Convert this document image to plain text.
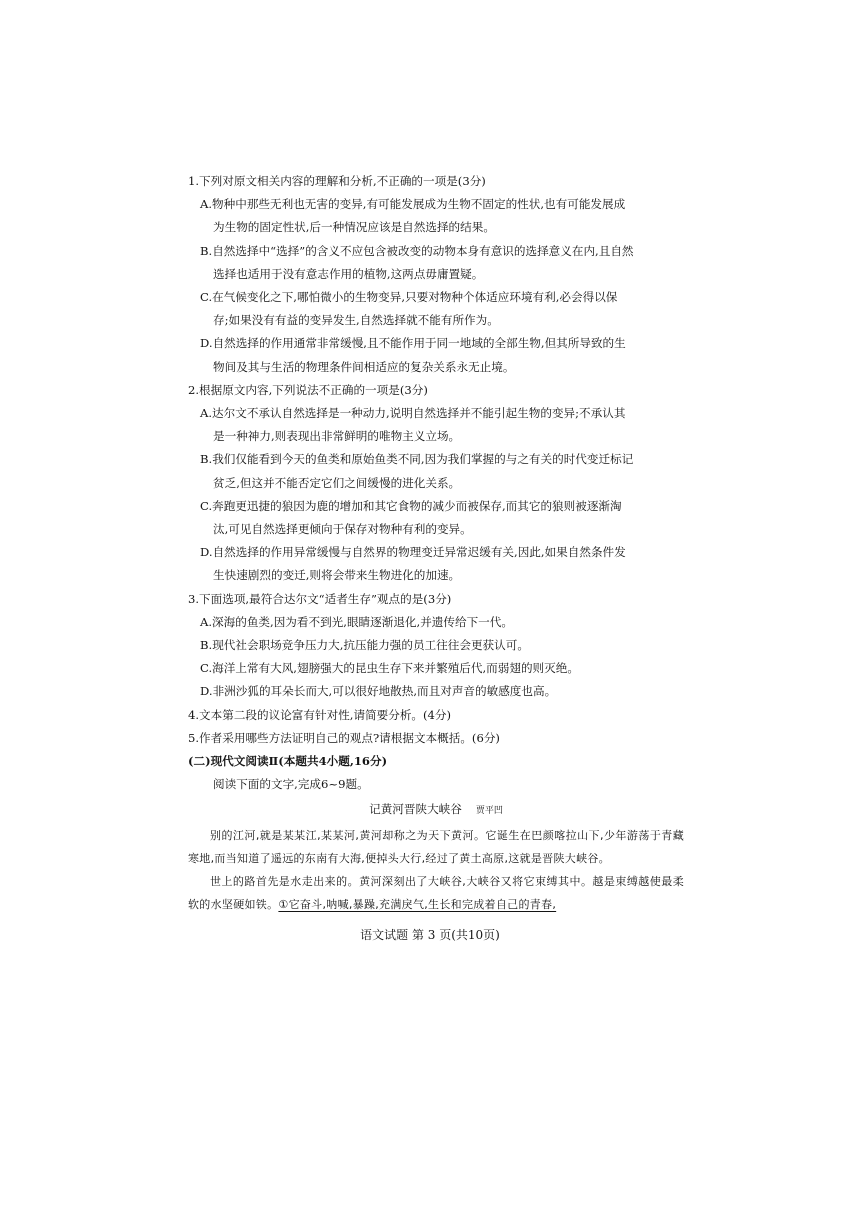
1.下列对原文相关内容的理解和分析,不正确的一项是(3分)
A.物种中那些无利也无害的变异,有可能发展成为生物不固定的性状,也有可能发展成
为生物的固定性状,后一种情况应该是自然选择的结果。
B.自然选择中“选择”的含义不应包含被改变的动物本身有意识的选择意义在内,且自然
选择也适用于没有意志作用的植物,这两点毋庸置疑。
C.在气候变化之下,哪怕微小的生物变异,只要对物种个体适应环境有利,必会得以保
存;如果没有有益的变异发生,自然选择就不能有所作为。
D.自然选择的作用通常非常缓慢,且不能作用于同一地域的全部生物,但其所导致的生
物间及其与生活的物理条件间相适应的复杂关系永无止境。
2.根据原文内容,下列说法不正确的一项是(3分)
A.达尔文不承认自然选择是一种动力,说明自然选择并不能引起生物的变异;不承认其
是一种神力,则表现出非常鲜明的唯物主义立场。
B.我们仅能看到今天的鱼类和原始鱼类不同,因为我们掌握的与之有关的时代变迁标记
贫乏,但这并不能否定它们之间缓慢的进化关系。
C.奔跑更迅捷的狼因为鹿的增加和其它食物的减少而被保存,而其它的狼则被逐渐淘
汰,可见自然选择更倾向于保存对物种有利的变异。
D.自然选择的作用异常缓慢与自然界的物理变迁异常迟缓有关,因此,如果自然条件发
生快速剧烈的变迁,则将会带来生物进化的加速。
3.下面选项,最符合达尔文“适者生存”观点的是(3分)
A.深海的鱼类,因为看不到光,眼睛逐渐退化,并遗传给下一代。
B.现代社会职场竞争压力大,抗压能力强的员工往往会更获认可。
C.海洋上常有大风,翅膀强大的昆虫生存下来并繁殖后代,而弱翅的则灭绝。
D.非洲沙狐的耳朵长而大,可以很好地散热,而且对声音的敏感度也高。
4.文本第二段的议论富有针对性,请简要分析。(4分)
5.作者采用哪些方法证明自己的观点?请根据文本概括。(6分)
(二)现代文阅读Ⅱ(本题共4小题,16分)
阅读下面的文字,完成6~9题。
记黄河晋陕大峡谷 贾平凹

别的江河,就是某某江,某某河,黄河却称之为天下黄河。它诞生在巴颜喀拉山下,少年游荡于青藏寒地,而当知道了遥远的东南有大海,便掉头大行,经过了黄土高原,这就是晋陕大峡谷。

世上的路首先是水走出来的。黄河深刻出了大峡谷,大峡谷又将它束缚其中。越是束缚越使最柔软的水坚硬如铁。①它奋斗,呐喊,暴躁,充满戾气,生长和完成着自己的青春,

语文试题 第 3 页(共10页)
